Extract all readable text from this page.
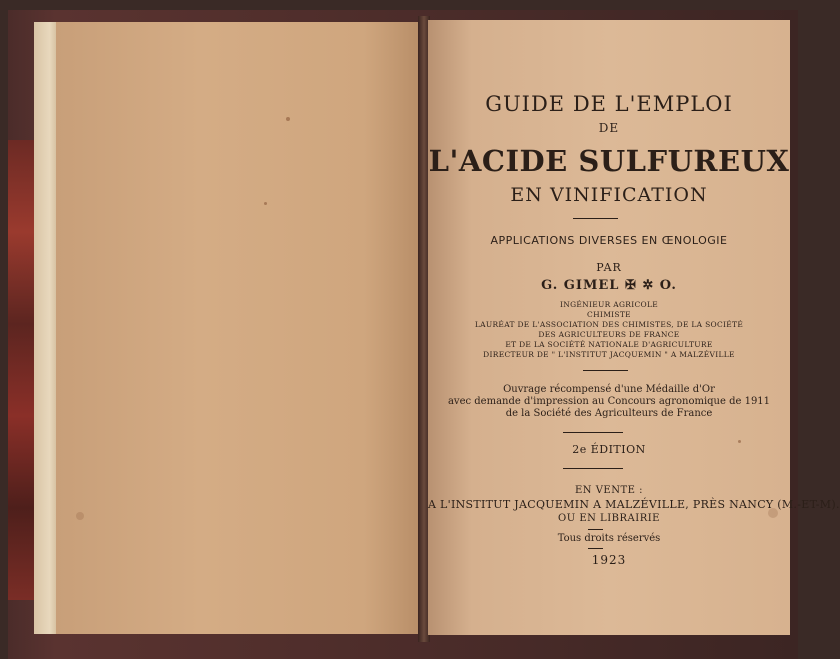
GUIDE DE L'EMPLOI
DE
L'ACIDE SULFUREUX
EN VINIFICATION
APPLICATIONS DIVERSES EN ŒNOLOGIE
PAR
G. GIMEL ✠ ✲ O.
INGÉNIEUR AGRICOLE
CHIMISTE
LAURÉAT DE L'ASSOCIATION DES CHIMISTES, DE LA SOCIÉTÉ
DES AGRICULTEURS DE FRANCE
ET DE LA SOCIÉTÉ NATIONALE D'AGRICULTURE
DIRECTEUR DE " L'INSTITUT JACQUEMIN " A MALZÉVILLE
Ouvrage récompensé d'une Médaille d'Or
avec demande d'impression au Concours agronomique de 1911
de la Société des Agriculteurs de France
2e ÉDITION
EN VENTE :
A L'INSTITUT JACQUEMIN A MALZÉVILLE, PRÈS NANCY (M.-ET-M).
OU EN LIBRAIRIE
Tous droits réservés
1923
